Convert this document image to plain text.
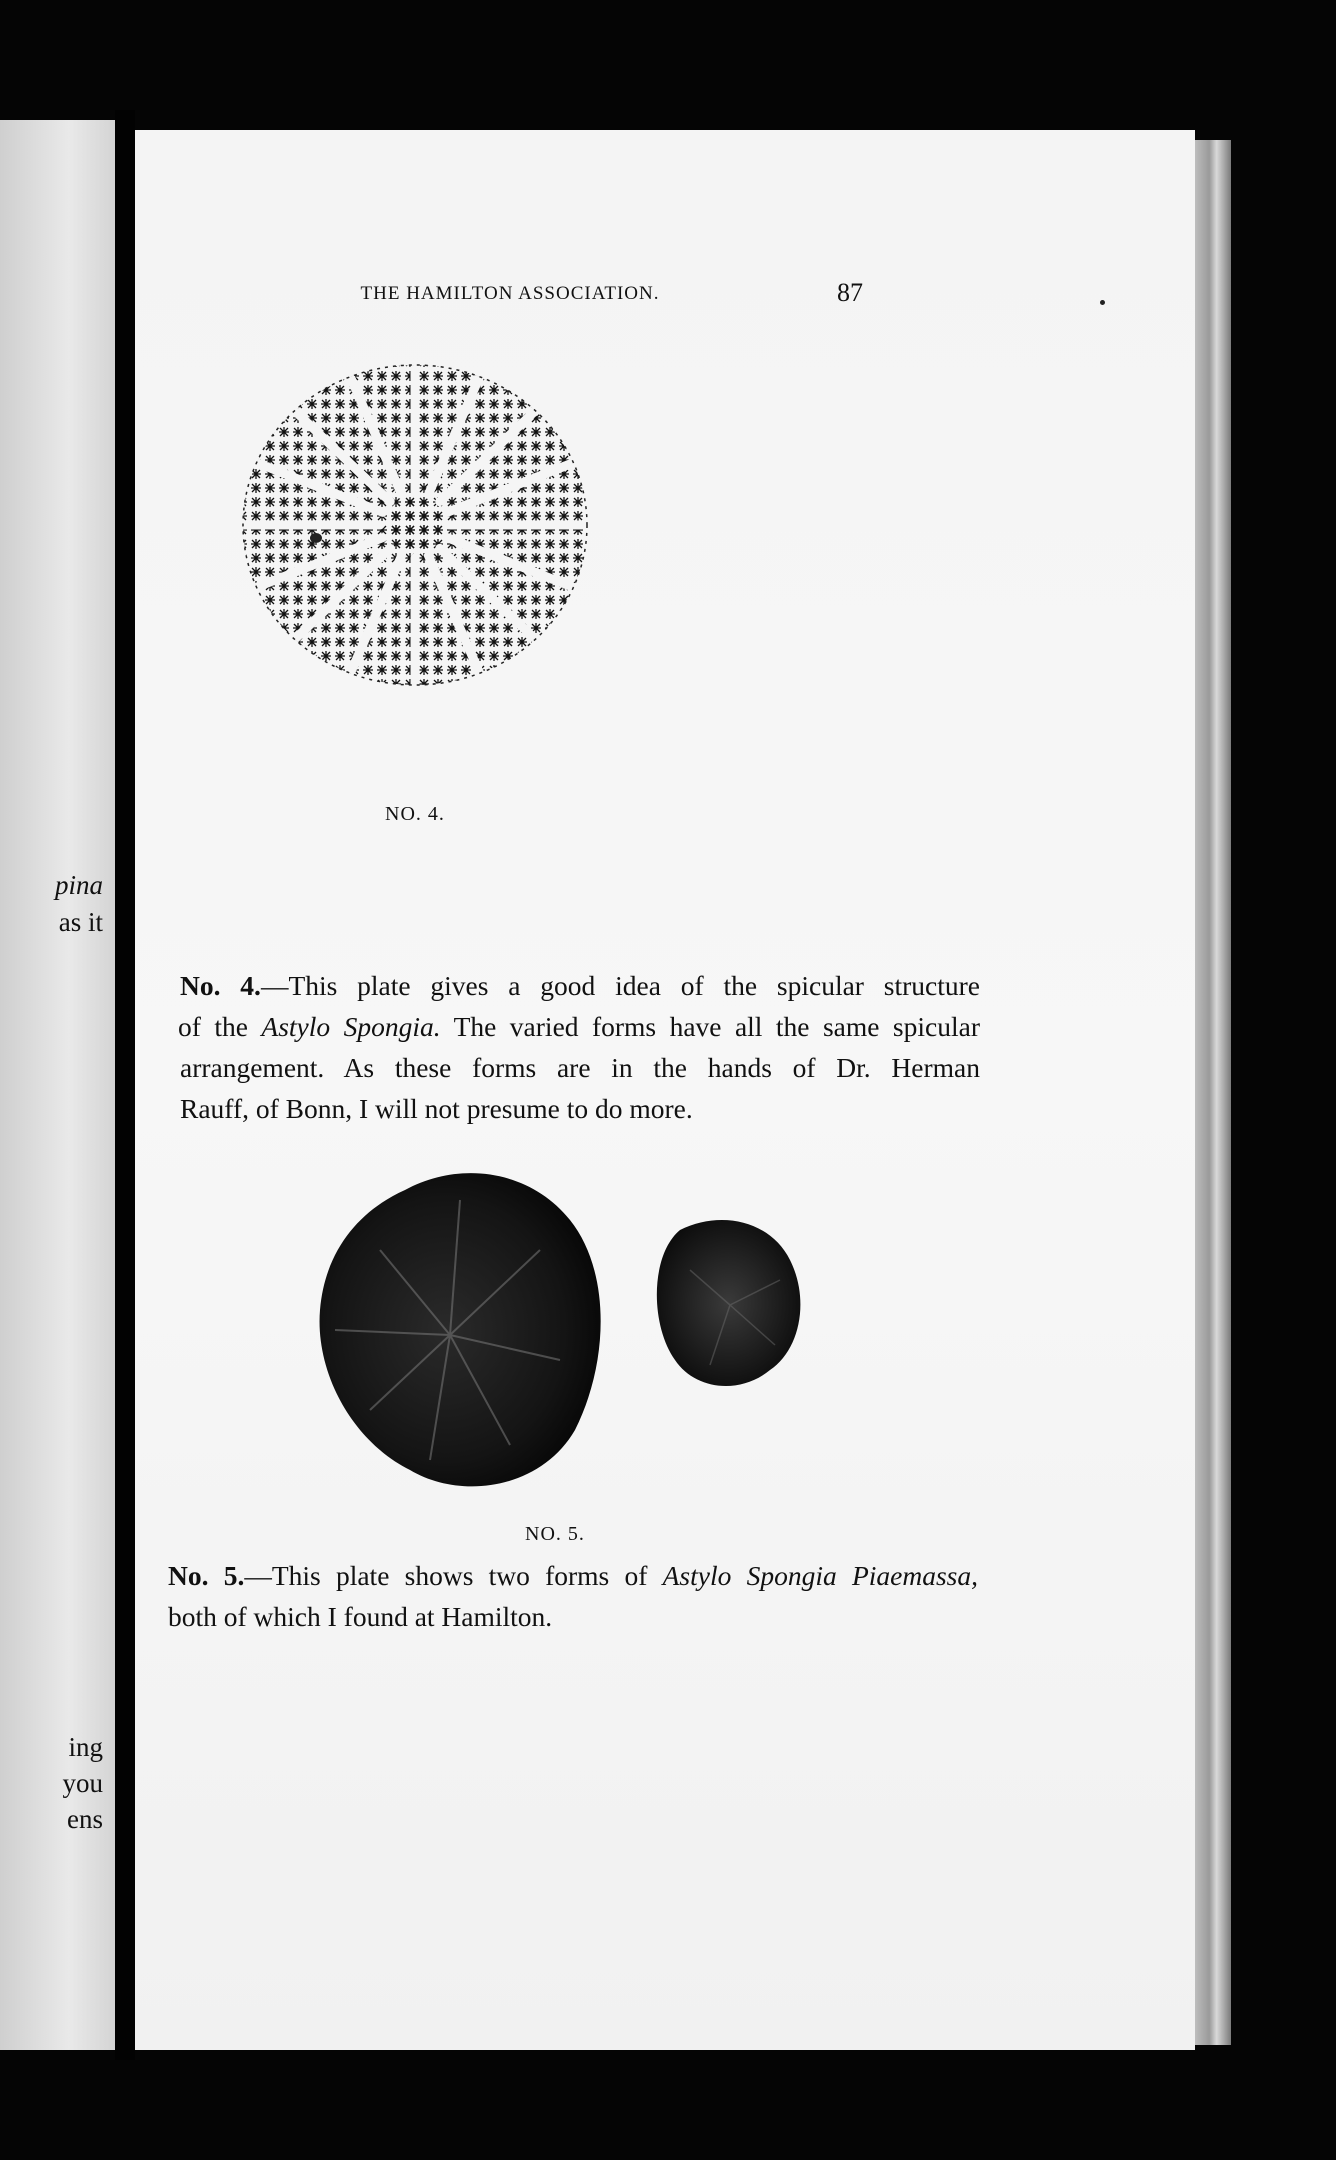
pina
as it
ing
you
ens
THE HAMILTON ASSOCIATION.	87
NO. 4.
No. 4.—This plate gives a good idea of the spicular structure
of the Astylo Spongia. The varied forms have all the same spicular
arrangement. As these forms are in the hands of Dr. Herman
Rauff, of Bonn, I will not presume to do more.
NO. 5.
No. 5.—This plate shows two forms of Astylo Spongia Piaemassa,
both of which I found at Hamilton.
